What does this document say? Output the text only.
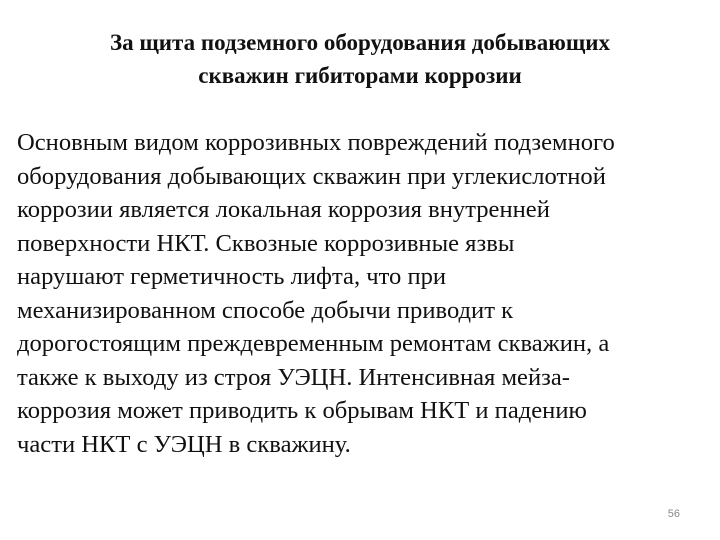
За щита подземного оборудования добывающих
скважин гибиторами коррозии
Основным видом коррозивных повреждений подземного
оборудования добывающих скважин при углекислотной
коррозии является локальная коррозия внутренней
поверхности НКТ. Сквозные коррозивные язвы
нарушают герметичность лифта, что при
механизированном способе добычи приводит к
дорогостоящим преждевременным ремонтам скважин, а
также к выходу из строя УЭЦН. Интенсивная мейза-
коррозия может приводить к обрывам НКТ и падению
части НКТ с УЭЦН в скважину.
56
